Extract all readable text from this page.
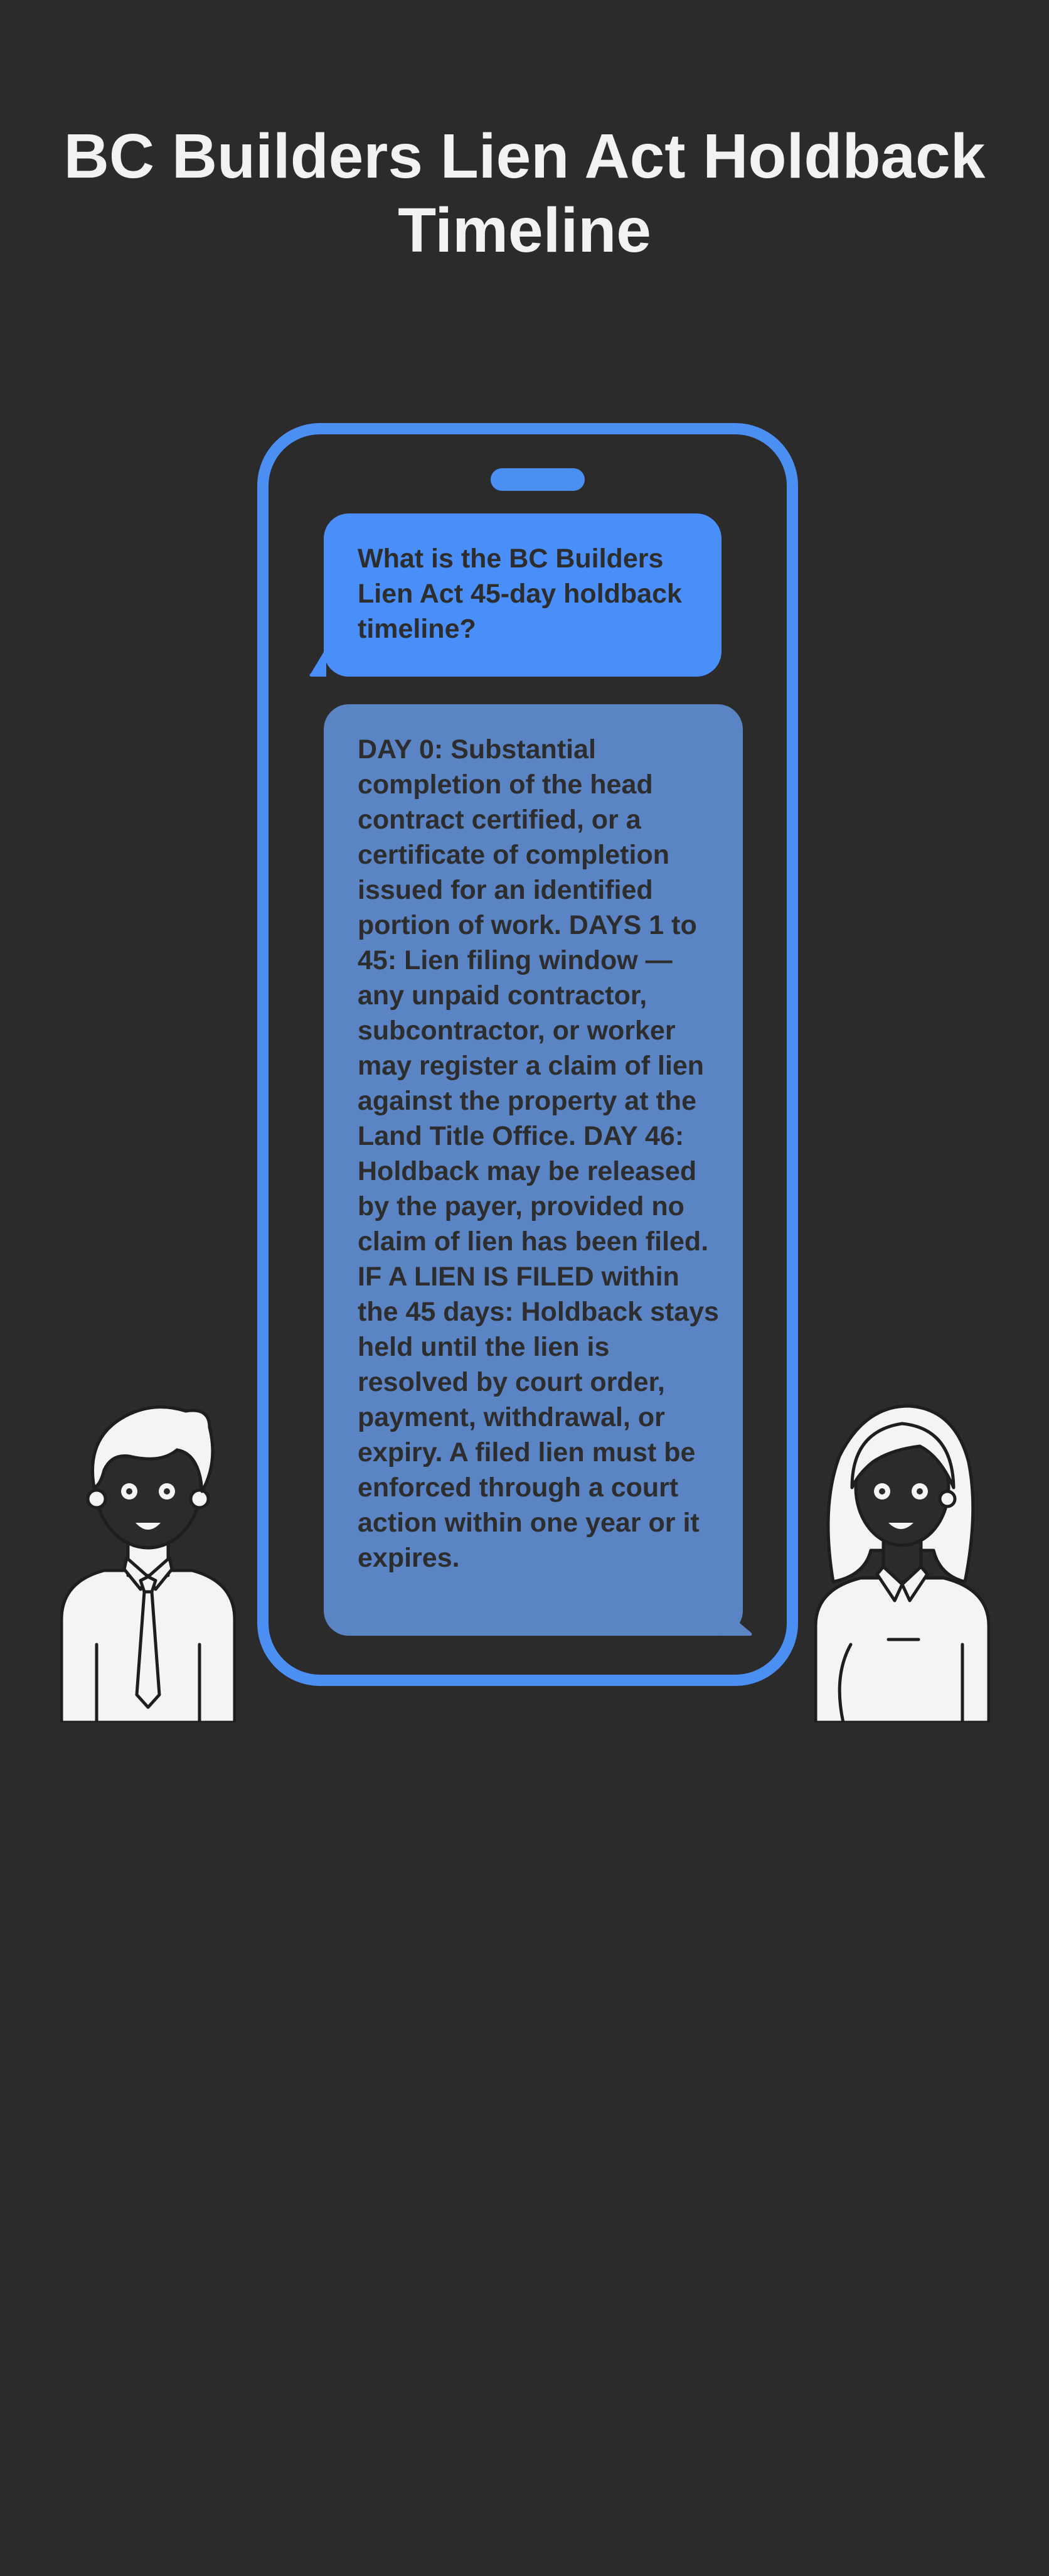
BC Builders Lien Act Holdback Timeline
What is the BC Builders Lien Act 45-day holdback timeline?
DAY 0: Substantial completion of the head contract certified, or a certificate of completion issued for an identified portion of work. DAYS 1 to 45: Lien filing window — any unpaid contractor, subcontractor, or worker may register a claim of lien against the property at the Land Title Office. DAY 46: Holdback may be released by the payer, provided no claim of lien has been filed. IF A LIEN IS FILED within the 45 days: Holdback stays held until the lien is resolved by court order, payment, withdrawal, or expiry. A filed lien must be enforced through a court action within one year or it expires.
